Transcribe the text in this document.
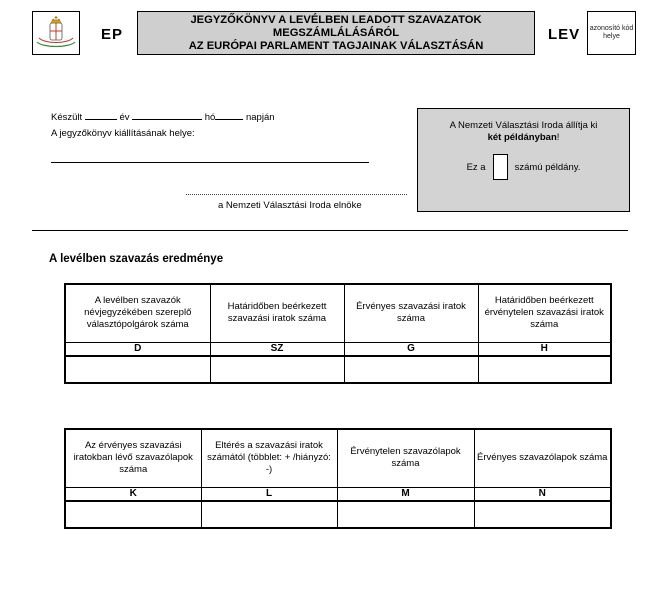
EP
JEGYZŐKÖNYV A LEVÉLBEN LEADOTT SZAVAZATOK
MEGSZÁMLÁLÁSÁRÓL
AZ EURÓPAI PARLAMENT TAGJAINAK VÁLASZTÁSÁN
LEV azonosító kód helye
Készült	év	hó	napján
A jegyzőkönyv kiállításának helye:
a Nemzeti Választási Iroda elnöke
A Nemzeti Választási Iroda állítja ki
két példányban!
Ez a	számú példány.
A levélben szavazás eredménye
A levélben szavazók névjegyzékében szereplő választópolgárok száma	Határidőben beérkezett szavazási iratok száma	Érvényes szavazási iratok száma	Határidőben beérkezett érvénytelen szavazási iratok száma
D	SZ	G	H

Az érvényes szavazási iratokban lévő szavazólapok száma	Eltérés a szavazási iratok számától (többlet: + /hiányzó: -)	Érvénytelen szavazólapok száma	Érvényes szavazólapok száma
K	L	M	N
